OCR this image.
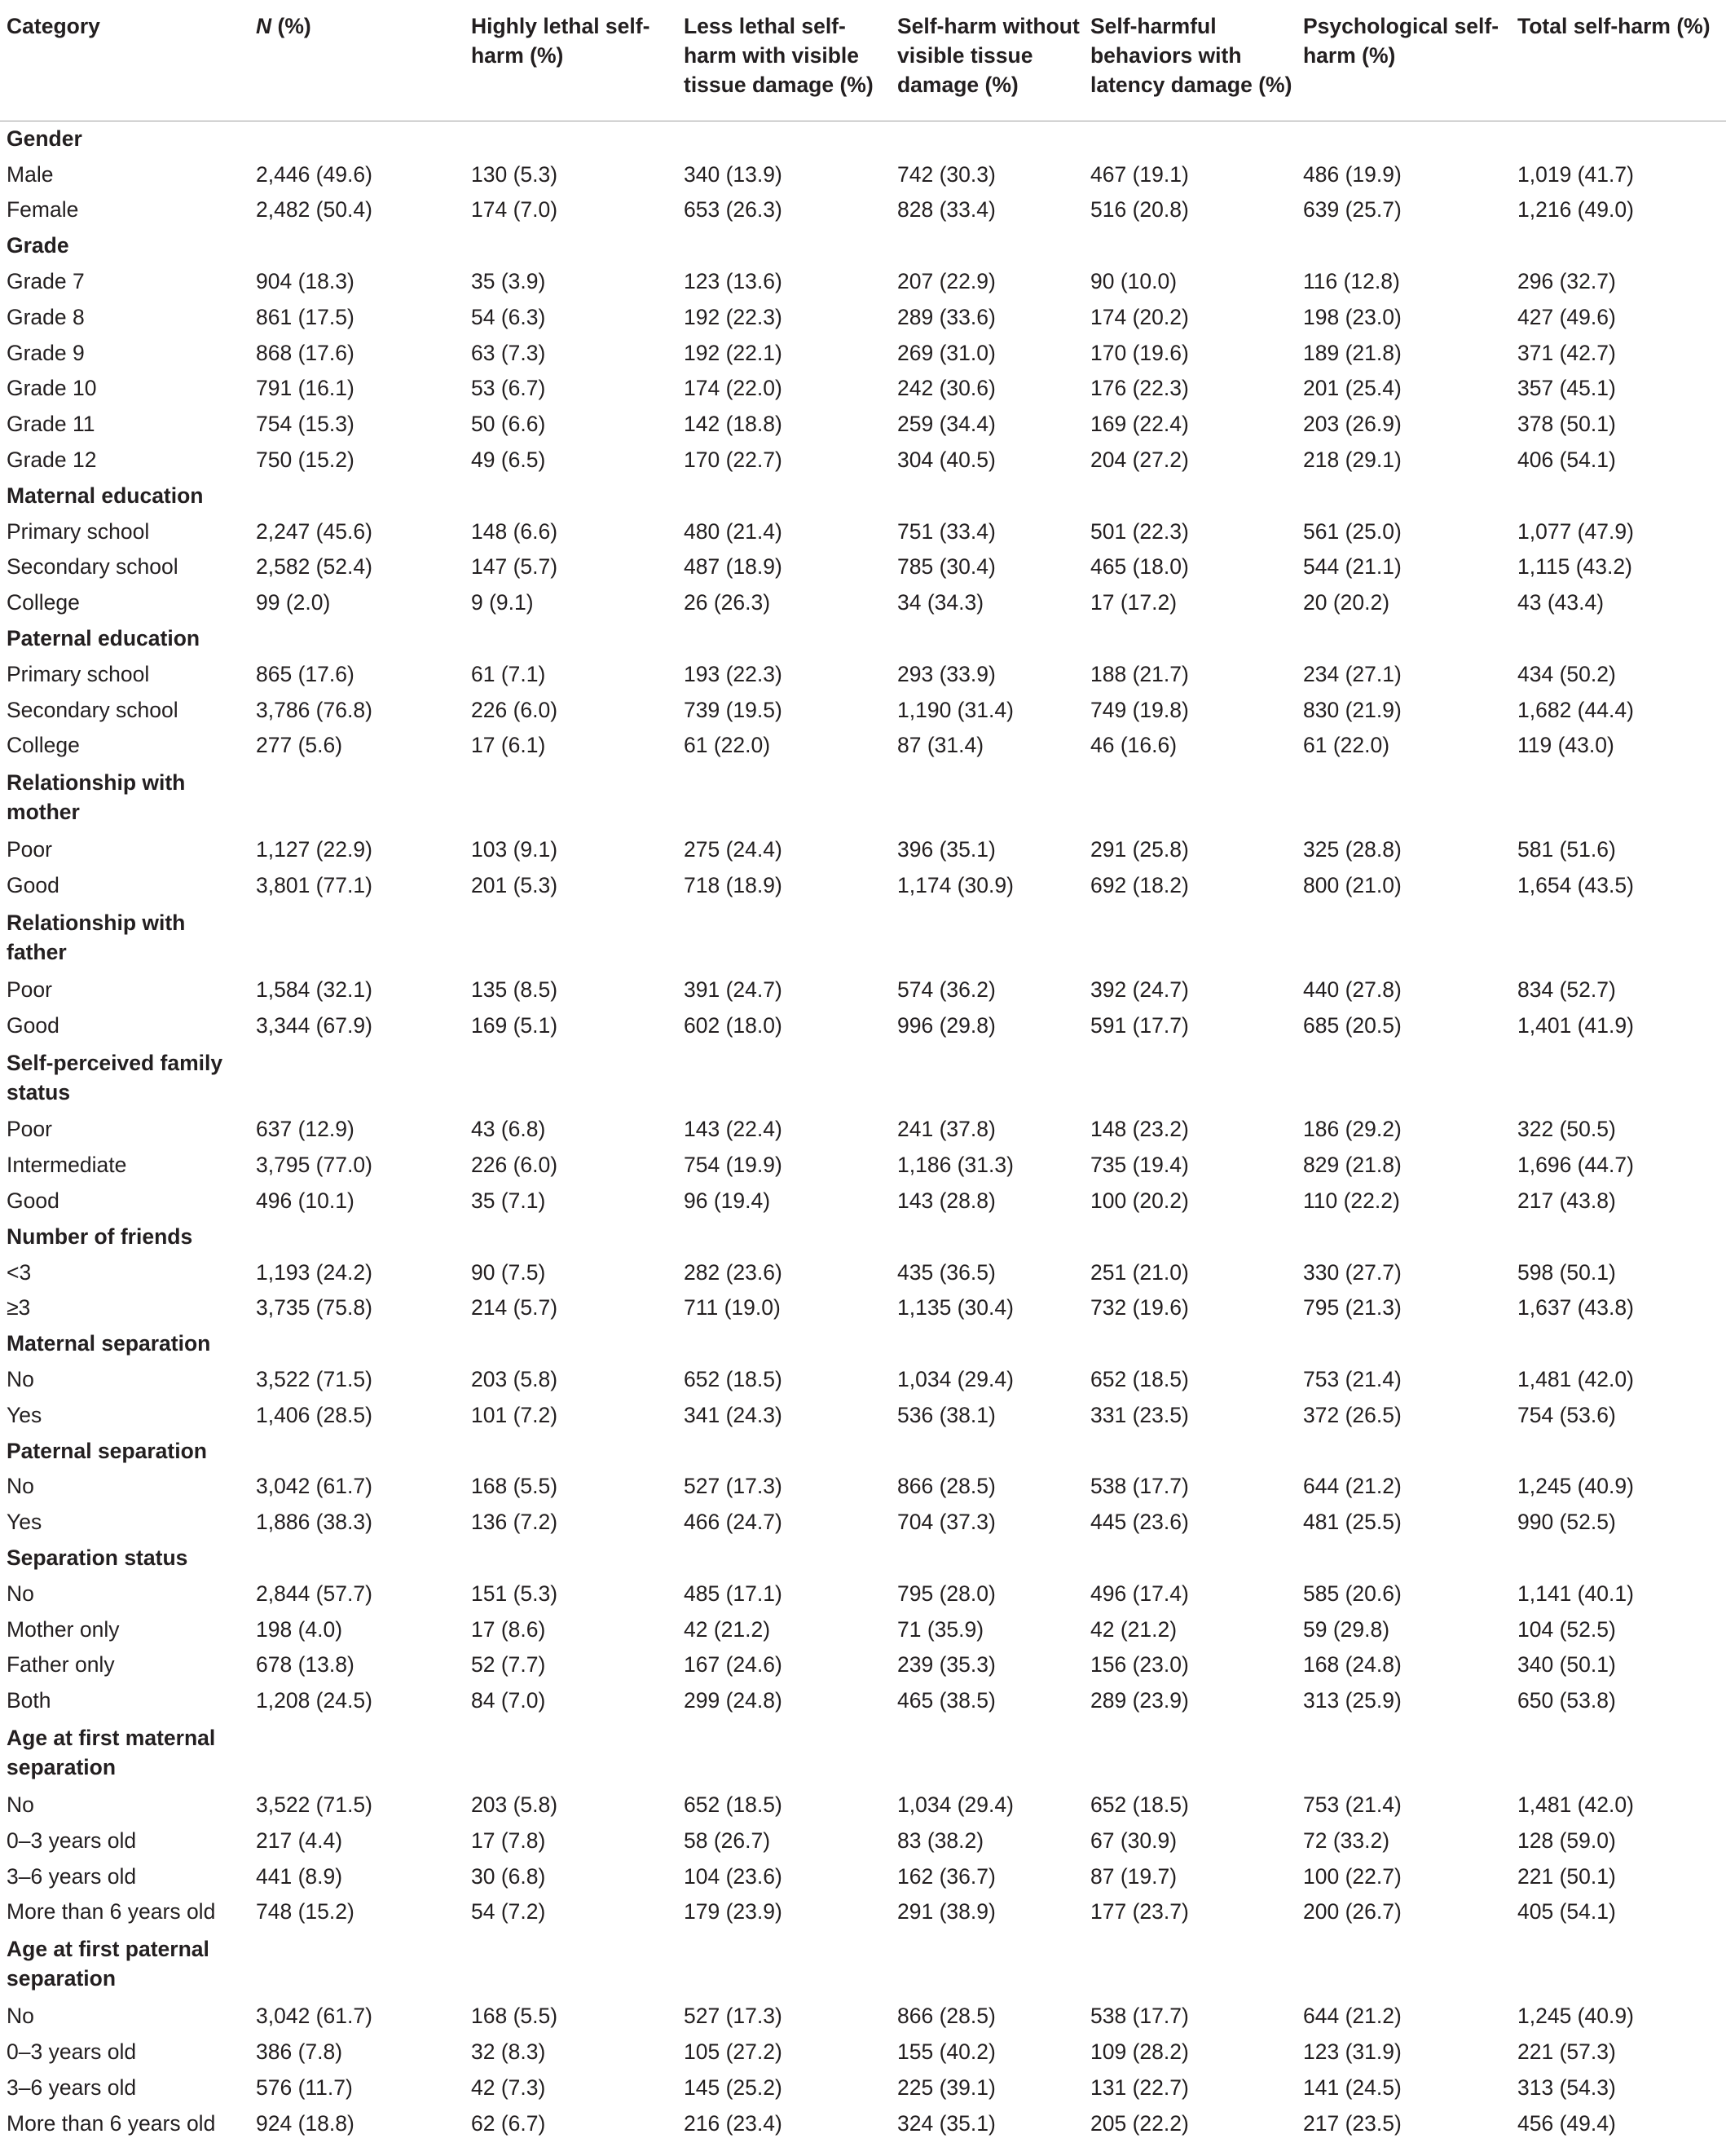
Category	N (%)	Highly lethal self-harm (%)	Less lethal self-harm with visible tissue damage (%)	Self-harm without visible tissue damage (%)	Self-harmful behaviors with latency damage (%)	Psychological self-harm (%)	Total self-harm (%)
Gender							
Male	2,446 (49.6)	130 (5.3)	340 (13.9)	742 (30.3)	467 (19.1)	486 (19.9)	1,019 (41.7)
Female	2,482 (50.4)	174 (7.0)	653 (26.3)	828 (33.4)	516 (20.8)	639 (25.7)	1,216 (49.0)
Grade							
Grade 7	904 (18.3)	35 (3.9)	123 (13.6)	207 (22.9)	90 (10.0)	116 (12.8)	296 (32.7)
Grade 8	861 (17.5)	54 (6.3)	192 (22.3)	289 (33.6)	174 (20.2)	198 (23.0)	427 (49.6)
Grade 9	868 (17.6)	63 (7.3)	192 (22.1)	269 (31.0)	170 (19.6)	189 (21.8)	371 (42.7)
Grade 10	791 (16.1)	53 (6.7)	174 (22.0)	242 (30.6)	176 (22.3)	201 (25.4)	357 (45.1)
Grade 11	754 (15.3)	50 (6.6)	142 (18.8)	259 (34.4)	169 (22.4)	203 (26.9)	378 (50.1)
Grade 12	750 (15.2)	49 (6.5)	170 (22.7)	304 (40.5)	204 (27.2)	218 (29.1)	406 (54.1)
Maternal education							
Primary school	2,247 (45.6)	148 (6.6)	480 (21.4)	751 (33.4)	501 (22.3)	561 (25.0)	1,077 (47.9)
Secondary school	2,582 (52.4)	147 (5.7)	487 (18.9)	785 (30.4)	465 (18.0)	544 (21.1)	1,115 (43.2)
College	99 (2.0)	9 (9.1)	26 (26.3)	34 (34.3)	17 (17.2)	20 (20.2)	43 (43.4)
Paternal education							
Primary school	865 (17.6)	61 (7.1)	193 (22.3)	293 (33.9)	188 (21.7)	234 (27.1)	434 (50.2)
Secondary school	3,786 (76.8)	226 (6.0)	739 (19.5)	1,190 (31.4)	749 (19.8)	830 (21.9)	1,682 (44.4)
College	277 (5.6)	17 (6.1)	61 (22.0)	87 (31.4)	46 (16.6)	61 (22.0)	119 (43.0)
Relationship with mother							
Poor	1,127 (22.9)	103 (9.1)	275 (24.4)	396 (35.1)	291 (25.8)	325 (28.8)	581 (51.6)
Good	3,801 (77.1)	201 (5.3)	718 (18.9)	1,174 (30.9)	692 (18.2)	800 (21.0)	1,654 (43.5)
Relationship with father							
Poor	1,584 (32.1)	135 (8.5)	391 (24.7)	574 (36.2)	392 (24.7)	440 (27.8)	834 (52.7)
Good	3,344 (67.9)	169 (5.1)	602 (18.0)	996 (29.8)	591 (17.7)	685 (20.5)	1,401 (41.9)
Self-perceived family status							
Poor	637 (12.9)	43 (6.8)	143 (22.4)	241 (37.8)	148 (23.2)	186 (29.2)	322 (50.5)
Intermediate	3,795 (77.0)	226 (6.0)	754 (19.9)	1,186 (31.3)	735 (19.4)	829 (21.8)	1,696 (44.7)
Good	496 (10.1)	35 (7.1)	96 (19.4)	143 (28.8)	100 (20.2)	110 (22.2)	217 (43.8)
Number of friends							
<3	1,193 (24.2)	90 (7.5)	282 (23.6)	435 (36.5)	251 (21.0)	330 (27.7)	598 (50.1)
≥3	3,735 (75.8)	214 (5.7)	711 (19.0)	1,135 (30.4)	732 (19.6)	795 (21.3)	1,637 (43.8)
Maternal separation							
No	3,522 (71.5)	203 (5.8)	652 (18.5)	1,034 (29.4)	652 (18.5)	753 (21.4)	1,481 (42.0)
Yes	1,406 (28.5)	101 (7.2)	341 (24.3)	536 (38.1)	331 (23.5)	372 (26.5)	754 (53.6)
Paternal separation							
No	3,042 (61.7)	168 (5.5)	527 (17.3)	866 (28.5)	538 (17.7)	644 (21.2)	1,245 (40.9)
Yes	1,886 (38.3)	136 (7.2)	466 (24.7)	704 (37.3)	445 (23.6)	481 (25.5)	990 (52.5)
Separation status							
No	2,844 (57.7)	151 (5.3)	485 (17.1)	795 (28.0)	496 (17.4)	585 (20.6)	1,141 (40.1)
Mother only	198 (4.0)	17 (8.6)	42 (21.2)	71 (35.9)	42 (21.2)	59 (29.8)	104 (52.5)
Father only	678 (13.8)	52 (7.7)	167 (24.6)	239 (35.3)	156 (23.0)	168 (24.8)	340 (50.1)
Both	1,208 (24.5)	84 (7.0)	299 (24.8)	465 (38.5)	289 (23.9)	313 (25.9)	650 (53.8)
Age at first maternal separation							
No	3,522 (71.5)	203 (5.8)	652 (18.5)	1,034 (29.4)	652 (18.5)	753 (21.4)	1,481 (42.0)
0–3 years old	217 (4.4)	17 (7.8)	58 (26.7)	83 (38.2)	67 (30.9)	72 (33.2)	128 (59.0)
3–6 years old	441 (8.9)	30 (6.8)	104 (23.6)	162 (36.7)	87 (19.7)	100 (22.7)	221 (50.1)
More than 6 years old	748 (15.2)	54 (7.2)	179 (23.9)	291 (38.9)	177 (23.7)	200 (26.7)	405 (54.1)
Age at first paternal separation							
No	3,042 (61.7)	168 (5.5)	527 (17.3)	866 (28.5)	538 (17.7)	644 (21.2)	1,245 (40.9)
0–3 years old	386 (7.8)	32 (8.3)	105 (27.2)	155 (40.2)	109 (28.2)	123 (31.9)	221 (57.3)
3–6 years old	576 (11.7)	42 (7.3)	145 (25.2)	225 (39.1)	131 (22.7)	141 (24.5)	313 (54.3)
More than 6 years old	924 (18.8)	62 (6.7)	216 (23.4)	324 (35.1)	205 (22.2)	217 (23.5)	456 (49.4)
